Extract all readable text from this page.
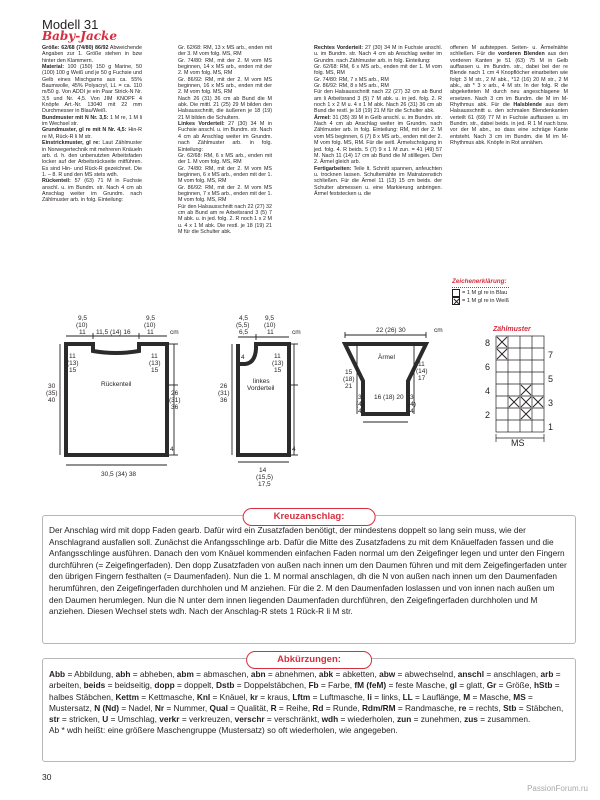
Modell 31
Baby-Jacke

Größe: 62/68 (74/80) 86/92 Abweichende Angaben zur 1. Größe stehen in bzw hinter den Klammern.

Material: 100 (150) 150 g Marine, 50 (100) 100 g Weiß und je 50 g Fuchsie und Gelb eines Mischgarns aus ca. 55% Baumwolle, 45% Polyacryl, LL = ca. 110 m/50 g. Von ADDI je ein Paar Strick-N Nr. 3,5 und Nr. 4,5. Von JIM KNOPF 4 Knöpfe Art.-Nr. 13040 mit 22 mm Durchmesser in Blau/Weiß.

Bundmuster mit N Nr. 3,5: 1 M re, 1 M li im Wechsel str.

Grundmuster, gl re mit N Nr. 4,5: Hin-R re M, Rück-R li M str.

Einstrickmuster, gl re: Laut Zählmuster in Norwegertechnik mit mehreren Knäueln arb. d. h. den unbenutzten Arbeitsfaden locker auf der Arbeitsrückseite mitführen. Es sind Hin- und Rück-R gezeichnet. Die 1. – 8. R und den MS stets wdh.

Rückenteil: 57 (63) 71 M in Fuchsie anschl. u. im Bundm. str. Nach 4 cm ab Anschlag weiter im Grundm. nach Zählmuster arb. in folg. Einteilung:

Gr. 62/68: RM, 13 x MS arb., enden mit der 3. M vom folg. MS, RM

Gr. 74/80: RM, mit der 2. M vom MS beginnen, 14 x MS arb., enden mit der 2. M vom folg. MS, RM

Gr. 86/92: RM, mit der 2. M vom MS beginnen, 16 x MS arb., enden mit der 2. M vom folg. MS, RM

Nach 26 (31) 36 cm ab Bund die M abk. Die mittl. 21 (25) 29 M bilden den Halsausschnitt, die äußeren je 18 (19) 21 M bilden die Schultern.

Linkes Vorderteil: 27 (30) 34 M in Fuchsie anschl. u. im Bundm. str. Nach 4 cm ab Anschlag weiter im Grundm. nach Zählmuster arb. in folg. Einteilung:

Gr. 62/68: RM, 6 x MS arb., enden mit der 1. M vom folg. MS, RM

Gr. 74/80: RM, mit der 2. M vom MS beginnen, 6 x MS arb., enden mit der 1. M vom folg. MS, RM

Gr. 86/92: RM, mit der 2. M vom MS beginnen, 7 x MS arb., enden mit der 1. M vom folg. MS, RM

Für den Halsausschnitt nach 22 (27) 32 cm ab Bund am re Arbeitsrand 3 (5) 7 M abk. u. in jed. folg. 2. R noch 1 x 2 M u. 4 x 1 M abk. Die restl. je 18 (19) 21 M für die Schulter abk.

Rechtes Vorderteil: 27 (30) 34 M in Fuchsie anschl. u. im Bundm. str. Nach 4 cm ab Anschlag weiter im Grundm. nach Zählmuster arb. in folg. Einteilung:

Gr. 62/68: RM, 6 x MS arb., enden mit der 1. M vom folg. MS, RM

Gr. 74/80: RM, 7 x MS arb., RM

Gr. 86/92: RM, 8 x MS arb., RM

Für den Halsausschnitt nach 22 (27) 32 cm ab Bund am li Arbeitsrand 3 (5) 7 M abk. u. in jed. folg. 2. R noch 1 x 2 M u. 4 x 1 M abk. Nach 26 (31) 36 cm ab Bund die restl. je 18 (19) 21 M für die Schulter abk.

Ärmel: 31 (35) 39 M in Gelb anschl. u. im Bundm. str. Nach 4 cm ab Anschlag weiter im Grundm. nach Zählmuster arb. in folg. Einteilung: RM, mit der 2. M vom MS beginnen, 6 (7) 8 x MS arb., enden mit der 2. M vom folg. MS, RM. Für die seitl. Ärmelschrägung in jed. folg. 4. R beids. 5 (7) 9 x 1 M zun. = 41 (49) 57 M. Nach 11 (14) 17 cm ab Bund die M stilllegen. Den 2. Ärmel gleich arb.

Fertigarbeiten: Teile lt. Schnitt spannen, anfeuchten u. trocknen lassen. Schultemähte im Matratzenstich schließen. Für die Ärmel 11 (13) 15 cm beids. der Schulter abmessen u. eine Markierung anbringen. Ärmel feststecken u. die

offenen M aufsteppen. Seiten- u. Ärmelnähte schließen. Für die vorderen Blenden aus den vorderen Kanten je 51 (63) 75 M in Gelb auffassen u. im Bundm. str., dabei bei der re Blende nach 1 cm 4 Knopflöcher einarbeiten wie folgt: 3 M str., 2 M abk., *12 (16) 20 M str., 2 M abk., ab * 3 x arb., 4 M str. In der folg. R die abgeketteten M durch neu angeschlagene M ersetzen. Nach 3 cm im Bundm. die M im M-Rhythmus abk. Für die Halsblende aus dem Halsausschnitt u. den schmalen Blendenkanten verteilt 61 (69) 77 M in Fuchsie auffassen u. im Bundm. str., dabei beids. in jed. R 1 M nach bzw. vor der M abn., so dass eine schräge Kante entsteht. Nach 3 cm im Bundm. die M im M-Rhythmus abk. Knöpfe in Rot annähen.

Zeichenerklärung:
= 1 M gl re in Blau
= 1 M gl re in Weiß
9,5
(10)
11 11,5 (14) 16
9,5
(10)
11	cm
11
(13)
15
11
(13)
15
30
(35)
40
26
(31)
36
Rückenteil
4
30,5 (34) 38
4,5
(5,5)
6,5
9,5
(10)
11	cm
4	11
(13)
15
26
(31)
36
linkes
Vorderteil
4
14
(15,5)
17,5
22 (26) 30	cm
Ärmel
15
(18)
21
11
(14)
17
3
(4)
4
3
(4)
4
16 (18) 20
Zählmuster
8
6
4
2
7
5
3
1
MS
Kreuzanschlag:
Der Anschlag wird mit dopp Faden gearb. Dafür wird ein Zusatzfaden benötigt, der mindestens doppelt so lang sein muss, wie der Anschlagrand ausfallen soll. Zunächst die Anfangsschlinge arb. Dafür die Mitte des Zusatzfadens zu mit dem Knäuelfaden fassen und die Anfangsschlinge ausführen. Danach den vom Knäuel kommenden einfachen Faden normal um den Zeigefinger legen und unter den Fingern durchführen (= Zeigefingerfaden). Den dopp Zusatzfaden von außen nach innen um den Daumen führen und mit dem Zeigefingerfaden unter den übrigen Fingern festhalten (= Daumenfaden). Nun die 1. M normal anschlagen, dh die N von außen nach innen um den Daumenfaden herumführen, den Zeigefingerfaden durchholen und M anziehen. Für die 2. M den Daumenfaden loslassen und von innen nach außen um den Daumen herumlegen. Nun die N unter dem innen liegenden Daumenfaden durchführen, den Zeigefingerfaden durchholen und M anziehen. Diesen Wechsel stets wdh. Nach der Anschlag-R stets 1 Rück-R li M str.
Abkürzungen:
Abb = Abbildung, abh = abheben, abm = abmaschen, abn = abnehmen, abk = abketten, abw = abwechselnd, anschl = anschlagen, arb = arbeiten, beids = beidseitig, dopp = doppelt, Dstb = Doppelstäbchen, Fb = Farbe, fM (feM) = feste Masche, gl = glatt, Gr = Größe, hStb = halbes Stäbchen, Kettm = Kettmasche, Knl = Knäuel, kr = kraus, Lftm = Luftmasche, li = links, LL = Lauflänge, M = Masche, MS = Mustersatz, N (Nd) = Nadel, Nr = Nummer, Qual = Qualität, R = Reihe, Rd = Runde, Rdm/RM = Randmasche, re = rechts, Stb = Stäbchen, str = stricken, U = Umschlag, verkr = verkreuzen, verschr = verschränkt, wdh = wiederholen, zun = zunehmen, zus = zusammen.
Ab * wdh heißt: eine größere Maschengruppe (Mustersatz) so oft wiederholen, wie angegeben.
30
PassionForum.ru
